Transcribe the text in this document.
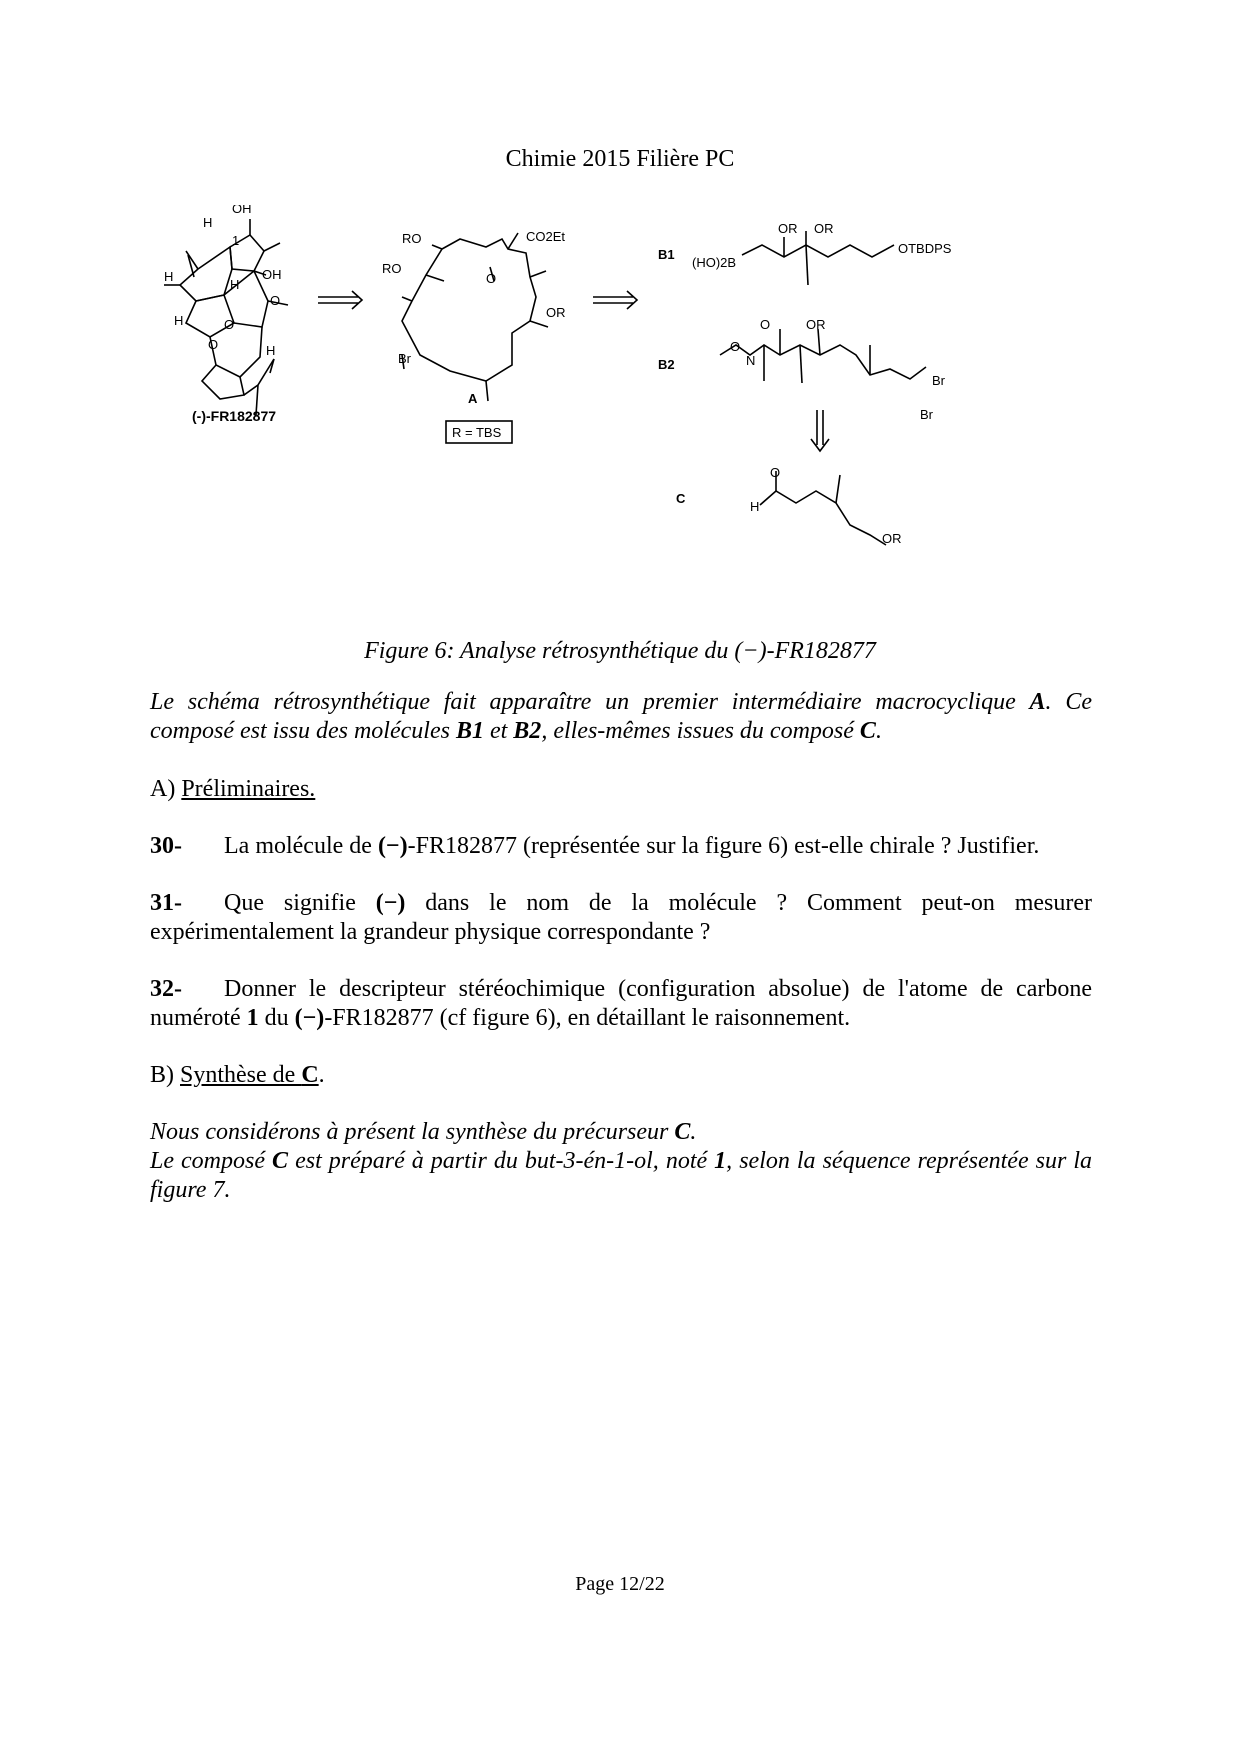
Chimie 2015 Filière PC
OH
H
1
H	OH
H
O
H	O
O	H
(-)-FR182877
RO	CO2Et
RO
O
OR
Br
A
R = TBS
B1
(HO)2B
OR OR
OTBDPS
B2
O
N
O	OR
Br
Br
C
O
H
OR
Figure 6: Analyse rétrosynthétique du (−)-FR182877
Le schéma rétrosynthétique fait apparaître un premier intermédiaire macrocyclique A. Ce composé est issu des molécules B1 et B2, elles-mêmes issues du composé C.
A) Préliminaires.
30- La molécule de (−)-FR182877 (représentée sur la figure 6) est-elle chirale ? Justifier.
31- Que signifie (−) dans le nom de la molécule ? Comment peut-on mesurer expérimentalement la grandeur physique correspondante ?
32- Donner le descripteur stéréochimique (configuration absolue) de l'atome de carbone numéroté 1 du (−)-FR182877 (cf figure 6), en détaillant le raisonnement.
B) Synthèse de C.
Nous considérons à présent la synthèse du précurseur C.
Le composé C est préparé à partir du but-3-én-1-ol, noté 1, selon la séquence représentée sur la figure 7.
Page 12/22
